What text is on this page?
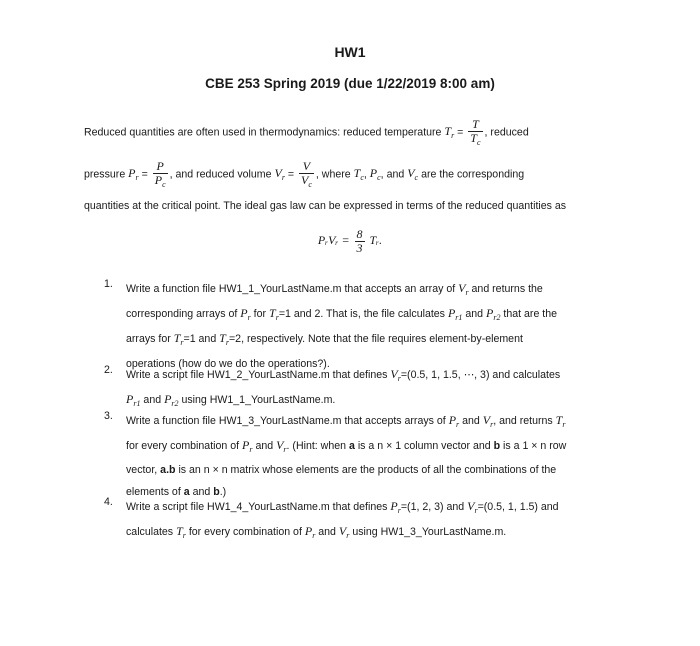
HW1
CBE 253 Spring 2019 (due 1/22/2019 8:00 am)
Reduced quantities are often used in thermodynamics: reduced temperature $T_r = \frac{T}{T_c}$ , reduced
pressure $P_r = \frac{P}{P_c}$ , and reduced volume $V_r = \frac{V}{V_c}$ , where $T_c$, $P_c$, and $V_c$ are the corresponding
quantities at the critical point. The ideal gas law can be expressed in terms of the reduced quantities as
PᵣVᵣ = $\frac{8}{3}$ Tᵣ.
1. Write a function file HW1_1_YourLastName.m that accepts an array of $V_r$ and returns the
corresponding arrays of $P_r$ for $T_r=1$ and 2. That is, the file calculates $P_{r1}$ and $P_{r2}$ that are the
arrays for $T_r=1$ and $T_r=2$, respectively. Note that the file requires element-by-element
operations (how do we do the operations?).
2. Write a script file HW1_2_YourLastName.m that defines $V_r=(0.5$, 1, 1.5, ⋯, 3) and calculates
$P_{r1}$ and $P_{r2}$ using HW1_1_YourLastName.m.
3. Write a function file HW1_3_YourLastName.m that accepts arrays of $P_r$ and $V_r$, and returns $T_r$
for every combination of $P_r$ and $V_r$. (Hint: when a is a n × 1 column vector and b is a 1 × n row
vector, a.b is an n × n matrix whose elements are the products of all the combinations of the
elements of a and b.)
4. Write a script file HW1_4_YourLastName.m that defines $P_r=(1$, 2, 3) and $V_r=(0.5$, 1, 1.5) and
calculates $T_r$ for every combination of $P_r$ and $V_r$ using HW1_3_YourLastName.m.
